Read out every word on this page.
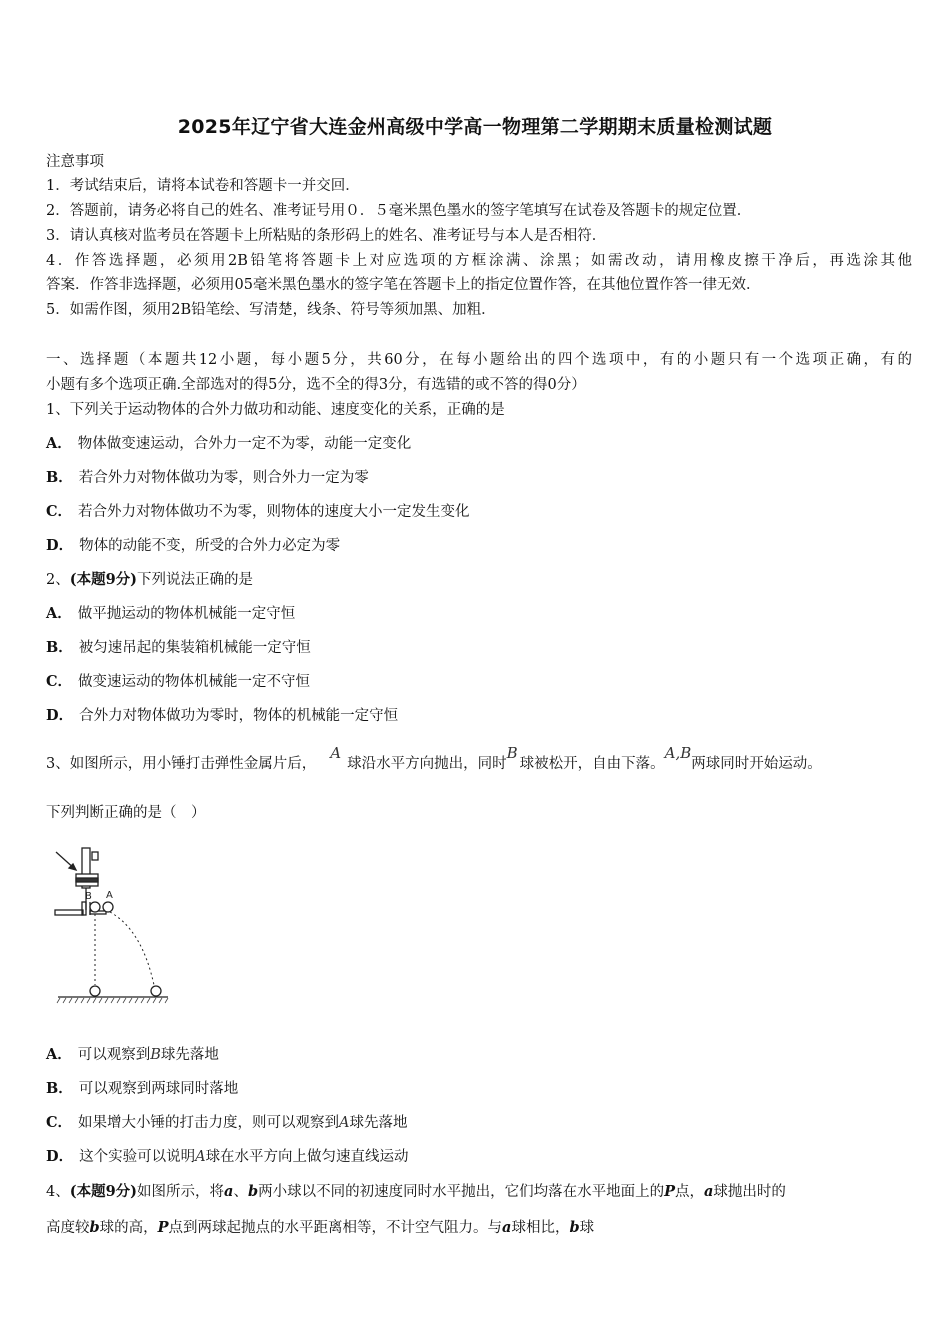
2025年辽宁省大连金州高级中学高一物理第二学期期末质量检测试题
注意事项
1．考试结束后，请将本试卷和答题卡一并交回．
2．答题前，请务必将自己的姓名、准考证号用０．５毫米黑色墨水的签字笔填写在试卷及答题卡的规定位置．
3．请认真核对监考员在答题卡上所粘贴的条形码上的姓名、准考证号与本人是否相符．
4．作答选择题，必须用2B铅笔将答题卡上对应选项的方框涂满、涂黑；如需改动，请用橡皮擦干净后，再选涂其他
答案．作答非选择题，必须用05毫米黑色墨水的签字笔在答题卡上的指定位置作答，在其他位置作答一律无效．
5．如需作图，须用2B铅笔绘、写清楚，线条、符号等须加黑、加粗．
一、选择题（本题共12小题，每小题5分，共60分，在每小题给出的四个选项中，有的小题只有一个选项正确，有的
小题有多个选项正确.全部选对的得5分，选不全的得3分，有选错的或不答的得0分）
1、下列关于运动物体的合外力做功和动能、速度变化的关系，正确的是
A． 物体做变速运动，合外力一定不为零，动能一定变化
B． 若合外力对物体做功为零，则合外力一定为零
C． 若合外力对物体做功不为零，则物体的速度大小一定发生变化
D． 物体的动能不变，所受的合外力必定为零
2、(本题9分)下列说法正确的是
A． 做平抛运动的物体机械能一定守恒
B． 被匀速吊起的集装箱机械能一定守恒
C． 做变速运动的物体机械能一定不守恒
D． 合外力对物体做功为零时，物体的机械能一定守恒
3、如图所示，用小锤打击弹性金属片后，A球沿水平方向抛出，同时B球被松开，自由下落。A,B两球同时开始运动。
下列判断正确的是（　）
B A
A． 可以观察到B球先落地
B． 可以观察到两球同时落地
C． 如果增大小锤的打击力度，则可以观察到A球先落地
D． 这个实验可以说明A球在水平方向上做匀速直线运动
4、(本题9分)如图所示，将a、b两小球以不同的初速度同时水平抛出，它们均落在水平地面上的P点，a球抛出时的
高度较b球的高，P点到两球起抛点的水平距离相等，不计空气阻力。与a球相比，b球
